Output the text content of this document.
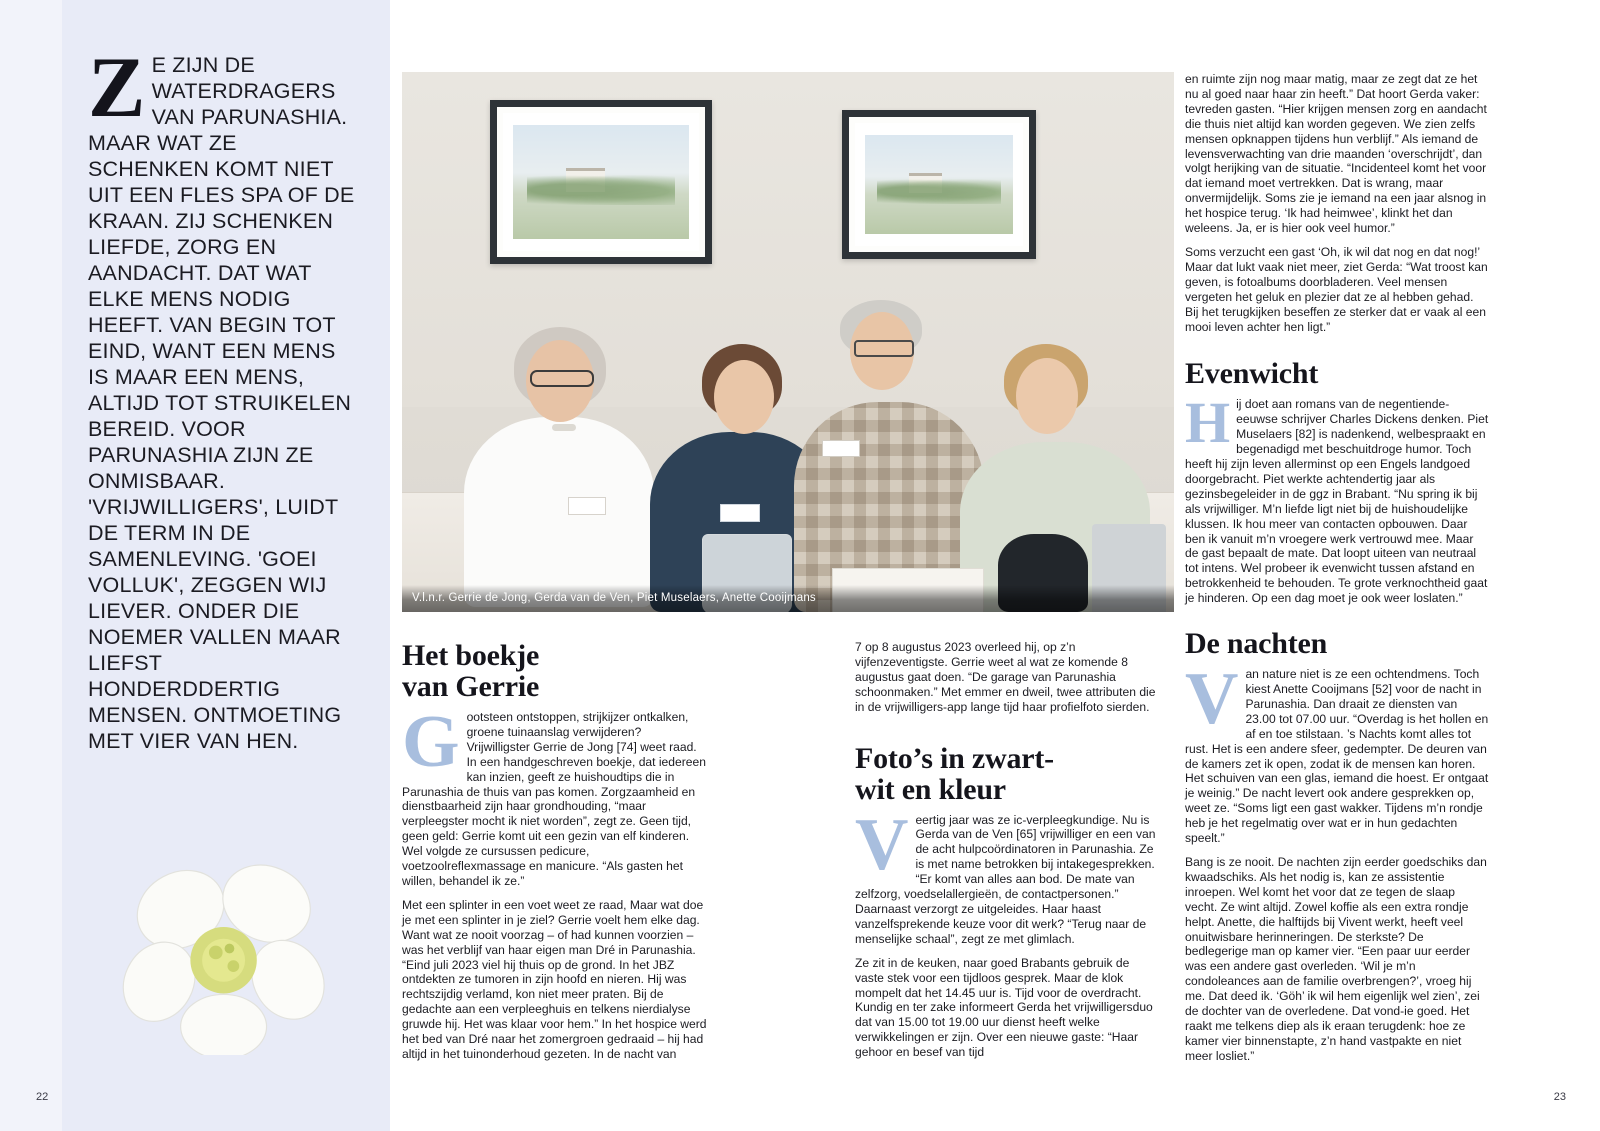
Z E ZIJN DE WATERDRAGERS VAN PARUNASHIA. MAAR WAT ZE SCHENKEN KOMT NIET UIT EEN FLES SPA OF DE KRAAN. ZIJ SCHENKEN LIEFDE, ZORG EN AANDACHT. DAT WAT ELKE MENS NODIG HEEFT. VAN BEGIN TOT EIND, WANT EEN MENS IS MAAR EEN MENS, ALTIJD TOT STRUIKELEN BEREID. VOOR PARUNASHIA ZIJN ZE ONMISBAAR. 'VRIJWILLIGERS', LUIDT DE TERM IN DE SAMENLEVING. 'GOEI VOLLUK', ZEGGEN WIJ LIEVER. ONDER DIE NOEMER VALLEN MAAR LIEFST HONDERDDERTIG MENSEN. ONTMOETING MET VIER VAN HEN.
V.l.n.r. Gerrie de Jong, Gerda van de Ven, Piet Muselaers, Anette Cooijmans
Het boekje
van Gerrie

Gootsteen ontstoppen, strijkijzer ontkalken, groene tuinaanslag verwijderen? Vrijwilligster Gerrie de Jong [74] weet raad. In een handgeschreven boekje, dat iedereen kan inzien, geeft ze huishoudtips die in Parunashia de thuis van pas komen. Zorgzaamheid en dienstbaarheid zijn haar grondhouding, “maar verpleegster mocht ik niet worden”, zegt ze. Geen tijd, geen geld: Gerrie komt uit een gezin van elf kinderen. Wel volgde ze cursussen pedicure, voetzoolreflexmassage en manicure. “Als gasten het willen, behandel ik ze.”

Met een splinter in een voet weet ze raad, Maar wat doe je met een splinter in je ziel? Gerrie voelt hem elke dag. Want wat ze nooit voorzag – of had kunnen voorzien – was het verblijf van haar eigen man Dré in Parunashia. “Eind juli 2023 viel hij thuis op de grond. In het JBZ ontdekten ze tumoren in zijn hoofd en nieren. Hij was rechtszijdig verlamd, kon niet meer praten. Bij de gedachte aan een verpleeghuis en telkens nierdialyse gruwde hij. Het was klaar voor hem.” In het hospice werd het bed van Dré naar het zomergroen gedraaid – hij had altijd in het tuinonderhoud gezeten. In de nacht van

7 op 8 augustus 2023 overleed hij, op z’n vijfenzeventigste. Gerrie weet al wat ze komende 8 augustus gaat doen. “De garage van Parunashia schoonmaken.” Met emmer en dweil, twee attributen die in de vrijwilligers-app lange tijd haar profielfoto sierden.
Foto’s in zwart-
wit en kleur

Veertig jaar was ze ic-verpleegkundige. Nu is Gerda van de Ven [65] vrijwilliger en een van de acht hulpcoördinatoren in Parunashia. Ze is met name betrokken bij intakegesprekken. “Er komt van alles aan bod. De mate van zelfzorg, voedselallergieën, de contactpersonen.” Daarnaast verzorgt ze uitgeleides. Haar haast vanzelfsprekende keuze voor dit werk? “Terug naar de menselijke schaal”, zegt ze met glimlach.

Ze zit in de keuken, naar goed Brabants gebruik de vaste stek voor een tijdloos gesprek. Maar de klok mompelt dat het 14.45 uur is. Tijd voor de overdracht. Kundig en ter zake informeert Gerda het vrijwilligersduo dat van 15.00 tot 19.00 uur dienst heeft welke verwikkelingen er zijn. Over een nieuwe gaste: “Haar gehoor en besef van tijd

en ruimte zijn nog maar matig, maar ze zegt dat ze het nu al goed naar haar zin heeft.” Dat hoort Gerda vaker: tevreden gasten. “Hier krijgen mensen zorg en aandacht die thuis niet altijd kan worden gegeven. We zien zelfs mensen opknappen tijdens hun verblijf.” Als iemand de levensverwachting van drie maanden ‘overschrijdt’, dan volgt herijking van de situatie. “Incidenteel komt het voor dat iemand moet vertrekken. Dat is wrang, maar onvermijdelijk. Soms zie je iemand na een jaar alsnog in het hospice terug. ‘Ik had heimwee’, klinkt het dan weleens. Ja, er is hier ook veel humor.”

Soms verzucht een gast ‘Oh, ik wil dat nog en dat nog!’ Maar dat lukt vaak niet meer, ziet Gerda: “Wat troost kan geven, is fotoalbums doorbladeren. Veel mensen vergeten het geluk en plezier dat ze al hebben gehad. Bij het terugkijken beseffen ze sterker dat er vaak al een mooi leven achter hen ligt.”

Evenwicht

Hij doet aan romans van de negentiende-eeuwse schrijver Charles Dickens denken. Piet Muselaers [82] is nadenkend, welbespraakt en begenadigd met beschuitdroge humor. Toch heeft hij zijn leven allerminst op een Engels landgoed doorgebracht. Piet werkte achtendertig jaar als gezinsbegeleider in de ggz in Brabant. “Nu spring ik bij als vrijwilliger. M’n liefde ligt niet bij de huishoudelijke klussen. Ik hou meer van contacten opbouwen. Daar ben ik vanuit m’n vroegere werk vertrouwd mee. Maar de gast bepaalt de mate. Dat loopt uiteen van neutraal tot intens. Wel probeer ik evenwicht tussen afstand en betrokkenheid te behouden. Te grote verknochtheid gaat je hinderen. Op een dag moet je ook weer loslaten.”

De nachten

Van nature niet is ze een ochtendmens. Toch kiest Anette Cooijmans [52] voor de nacht in Parunashia. Dan draait ze diensten van 23.00 tot 07.00 uur. “Overdag is het hollen en af en toe stilstaan. ’s Nachts komt alles tot rust. Het is een andere sfeer, gedempter. De deuren van de kamers zet ik open, zodat ik de mensen kan horen. Het schuiven van een glas, iemand die hoest. Er ontgaat je weinig.” De nacht levert ook andere gesprekken op, weet ze. “Soms ligt een gast wakker. Tijdens m’n rondje heb je het regelmatig over wat er in hun gedachten speelt.”

Bang is ze nooit. De nachten zijn eerder goedschiks dan kwaadschiks. Als het nodig is, kan ze assistentie inroepen. Wel komt het voor dat ze tegen de slaap vecht. Ze wint altijd. Zowel koffie als een extra rondje helpt. Anette, die halftijds bij Vivent werkt, heeft veel onuitwisbare herinneringen. De sterkste? De bedlegerige man op kamer vier. “Een paar uur eerder was een andere gast overleden. ‘Wil je m’n condoleances aan de familie overbrengen?’, vroeg hij me. Dat deed ik. ‘Göh’ ik wil hem eigenlijk wel zien’, zei de dochter van de overledene. Dat vond-ie goed. Het raakt me telkens diep als ik eraan terugdenk: hoe ze kamer vier binnenstapte, z’n hand vastpakte en niet meer losliet.”

22	23
